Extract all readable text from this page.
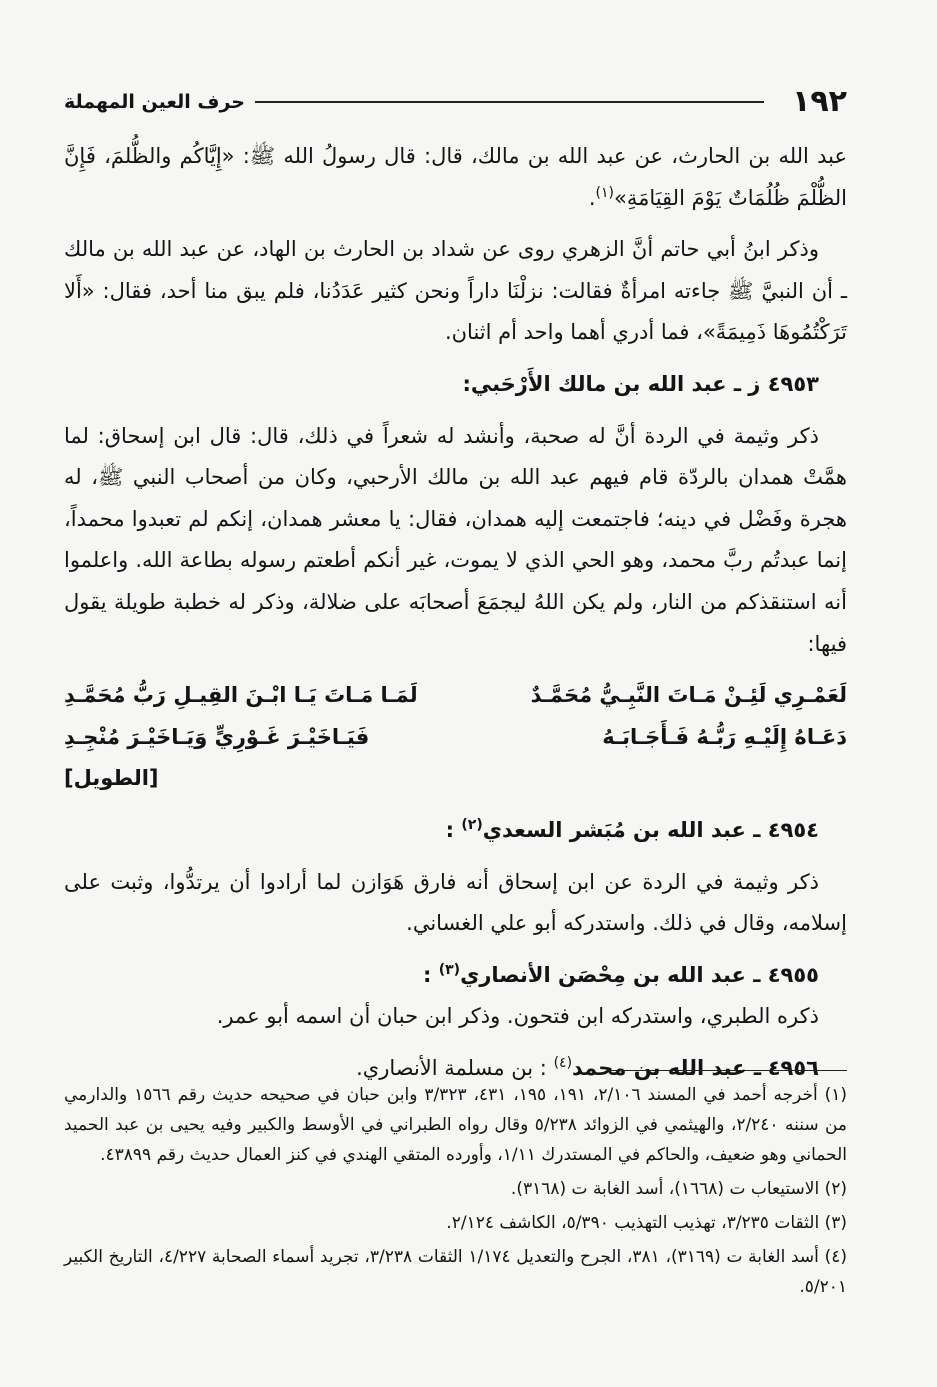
١٩٢
حرف العين المهملة

عبد الله بن الحارث، عن عبد الله بن مالك، قال: قال رسولُ الله ﷺ: «إِيَّاكُم والظُّلمَ، فَإِنَّ الظُّلْمَ ظُلُمَاتٌ يَوْمَ القِيَامَةِ»$^{(١)}$.

وذكر ابنُ أبي حاتم أنَّ الزهري روى عن شداد بن الحارث بن الهاد، عن عبد الله بن مالك ـ أن النبيَّ ﷺ جاءته امرأةٌ فقالت: نزلْنَا داراً ونحن كثير عَدَدُنا، فلم يبق منا أحد، فقال: «أَلا تَرَكْتُمُوهَا ذَمِيمَةً»، فما أدري أهما واحد أم اثنان.

٤٩٥٣ ز ـ عبد الله بن مالك الأَرْحَبي:

ذكر وثيمة في الردة أنَّ له صحبة، وأنشد له شعراً في ذلك، قال: قال ابن إسحاق: لما همَّتْ همدان بالردّة قام فيهم عبد الله بن مالك الأرحبي، وكان من أصحاب النبي ﷺ، له هجرة وفَضْل في دينه؛ فاجتمعت إليه همدان، فقال: يا معشر همدان، إنكم لم تعبدوا محمداً، إنما عبدتُم ربَّ محمد، وهو الحي الذي لا يموت، غير أنكم أطعتم رسوله بطاعة الله. واعلموا أنه استنقذكم من النار، ولم يكن اللهُ ليجمَعَ أصحابَه على ضلالة، وذكر له خطبة طويلة يقول فيها:

لَعَمْـرِي لَئِـنْ مَـاتَ النَّبِـيُّ مُحَمَّـدٌ
لَمَـا مَـاتَ يَـا ابْـنَ القِيـلِ رَبُّ مُحَمَّـدِ
دَعَـاهُ إِلَيْـهِ رَبُّـهُ فَـأَجَـابَـهُ
فَيَـاخَيْـرَ غَـوْرِيٍّ وَيَـاخَيْـرَ مُنْجِـدِ

[الطويل]

٤٩٥٤ ـ عبد الله بن مُبَشر السعدي$^{(٢)}$ :

ذكر وثيمة في الردة عن ابن إسحاق أنه فارق هَوَازن لما أرادوا أن يرتدُّوا، وثبت على إسلامه، وقال في ذلك. واستدركه أبو علي الغساني.

٤٩٥٥ ـ عبد الله بن مِحْصَن الأنصاري$^{(٣)}$ :

ذكره الطبري، واستدركه ابن فتحون. وذكر ابن حبان أن اسمه أبو عمر.

٤٩٥٦ ـ عبد الله بن محمد$^{(٤)}$ : بن مسلمة الأنصاري.

(١) أخرجه أحمد في المسند ٢/١٠٦، ١٩١، ١٩٥، ٤٣١، ٣/٣٢٣ وابن حبان في صحيحه حديث رقم ١٥٦٦ والدارمي من سننه ٢/٢٤٠، والهيثمي في الزوائد ٥/٢٣٨ وقال رواه الطبراني في الأوسط والكبير وفيه يحيى بن عبد الحميد الحماني وهو ضعيف، والحاكم في المستدرك ١/١١، وأورده المتقي الهندي في كنز العمال حديث رقم ٤٣٨٩٩.

(٢) الاستيعاب ت (١٦٦٨)، أسد الغابة ت (٣١٦٨).

(٣) الثقات ٣/٢٣٥، تهذيب التهذيب ٥/٣٩٠، الكاشف ٢/١٢٤.

(٤) أسد الغابة ت (٣١٦٩)، ٣٨١، الجرح والتعديل ١/١٧٤ الثقات ٣/٢٣٨، تجريد أسماء الصحابة ٤/٢٢٧، التاريخ الكبير ٥/٢٠١.
